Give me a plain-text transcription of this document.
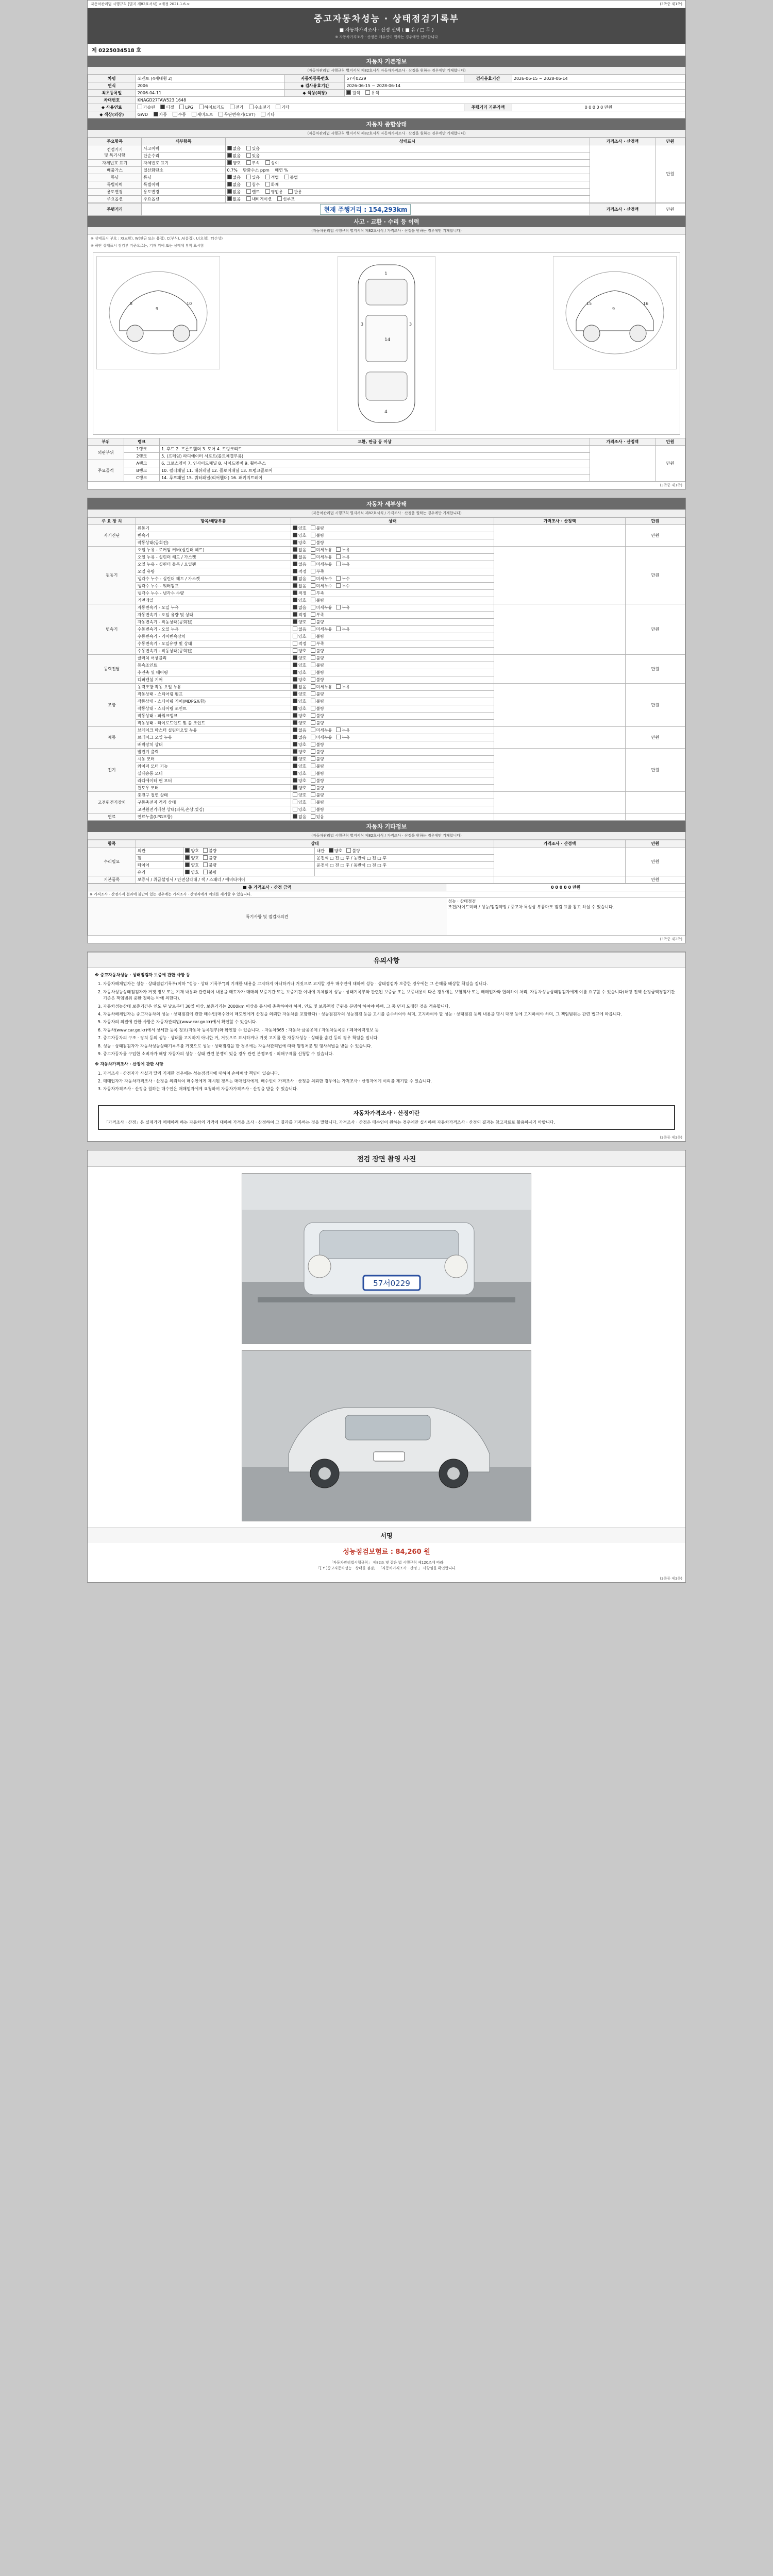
자동차관리법 시행규칙 [별지 제82호서식] <개정 2021.1.6.>	(3쪽중 제1쪽)
중고자동차성능 · 상태점검기록부
■ 자동차가격조사 · 산정 선택 ( ■ 유 / □ 무 )
※ 자동차가격조사 · 산정은 매수인이 원하는 경우에만 선택합니다
제 0225034518 호
자동차 기본정보
(자동차관리법 시행규칙 별지서식 제82호서식 자동차가격조사 · 산정을 원하는 경우에만 기재합니다)
차명	쏘렌토 (4세대형 2)	자동차등록번호	57서0229	검사유효기간	2026-06-15 ~ 2028-06-14
연식	2006	◆ 검사유효기간	2026-06-15 ~ 2028-06-14		
최초등록일	2006-04-11	◆ 색상(외장)	원색 유색		
차대번호	KNAGD27TAW523 1648				
◆ 사용연료	가솔린 디젤 LPG 하이브리드 전기 수소전기 기타			주행거리 기준가액	0 0 0 0 0 만원
◆ 색상(외장)	GWD 자동 수동 세미오토 무단변속기(CVT) 기타				
자동차 종합상태
(자동차관리법 시행규칙 별지서식 제82호서식 자동차가격조사 · 산정을 원하는 경우에만 기재합니다)
주요항목	세부항목	상태표시	가격조사 · 산정액	만원
전점기기
및 특기사항	사고이력	없음 있음		만원
	단순수리	없음 있음		
자체번호 표기	자체번호 표기	양호 부식 상이		
배출가스	일산화탄소	0.7% 탄화수소 ppm 매연 %		
튜닝	튜닝	없음 있음 적법 불법		
특별이력	특별이력	없음 침수 화재		
용도변경	용도변경	없음 렌트 영업용 관용		
주요옵션	주요옵션	없음 내비게이션 선루프		
주행거리	현재 주행거리 : 154,293km	가격조사 · 산정액	만원
사고 · 교환 · 수리 등 이력
(자동차관리법 시행규칙 별지서식 제82호서식 / 가격조사 · 산정을 원하는 경우에만 기재합니다)
※ 상태표시 부호 : X(교환), W(판금 또는 용접), C(부식), A(흠집), U(요철), T(손상)
※ 하단 상태표시 점검부 기준으로는, 기재 위에 또는 상태에 부착 표시함
9
8	10
1
14
4
3	3
9
15	16
부위	랭크	교환, 판금 등 이상	가격조사 · 산정액	만원
외판부위	1랭크	1. 후드 2. 프론트휀더 3. 도어 4. 트렁크리드		만원
	2랭크	5. (프레임) 라디에이터 서포트(볼트체결부품)		
주요골격	A랭크	6. 크로스멤버 7. 인사이드패널 8. 사이드멤버 9. 휠하우스		
	B랭크	10. 필러패널 11. 대쉬패널 12. 플로어패널 13. 트렁크플로어		
	C랭크	14. 루프패널 15. 쿼터패널(리어휀더) 16. 패키지트레이		
(3쪽중 제1쪽)
자동차 세부상태
(자동차관리법 시행규칙 별지서식 제82호서식 / 가격조사 · 산정을 원하는 경우에만 기재합니다)
주 요 장 치	항목/해당부품	상태	가격조사 · 산정액	만원
자기진단	원동기	양호 불량		만원
	변속기	양호 불량		
	작동상태(공회전)	양호 불량		
원동기	오일 누유 - 로커암 커버(실린더 헤드)	없음 미세누유 누유		만원
	오일 누유 - 실린더 헤드 / 가스켓	없음 미세누유 누유		
	오일 누유 - 실린더 블록 / 오일팬	없음 미세누유 누유		
	오일 유량	적정 부족		
	냉각수 누수 - 실린더 헤드 / 가스켓	없음 미세누수 누수		
	냉각수 누수 - 워터펌프	없음 미세누수 누수		
	냉각수 누수 - 냉각수 수량	적정 부족		
	커먼레일	양호 불량		
변속기	자동변속기 - 오일 누유	없음 미세누유 누유		만원
	자동변속기 - 오일 유량 및 상태	적정 부족		
	자동변속기 - 작동상태(공회전)	양호 불량		
	수동변속기 - 오일 누유	없음 미세누유 누유		
	수동변속기 - 기어변속장치	양호 불량		
	수동변속기 - 오일유량 및 상태	적정 부족		
	수동변속기 - 작동상태(공회전)	양호 불량		
동력전달	클러치 어셈블리	양호 불량		만원
	등속조인트	양호 불량		
	추진축 및 베어링	양호 불량		
	디퍼렌셜 기어	양호 불량		
조향	동력조향 작동 오일 누유	없음 미세누유 누유		만원
	작동상태 - 스티어링 펌프	양호 불량		
	작동상태 - 스티어링 기어(MDPS포함)	양호 불량		
	작동상태 - 스티어링 조인트	양호 불량		
	작동상태 - 파워크랭크	양호 불량		
	작동상태 - 타이로드엔드 및 볼 조인트	양호 불량		
제동	브레이크 마스터 실린더오일 누유	없음 미세누유 누유		만원
	브레이크 오일 누유	없음 미세누유 누유		
	배력장치 상태	양호 불량		
전기	발전기 출력	양호 불량		만원
	시동 모터	양호 불량		
	와이퍼 모터 기능	양호 불량		
	실내송풍 모터	양호 불량		
	라디에이터 팬 모터	양호 불량		
	윈도우 모터	양호 불량		
고전원전기장치	충전구 절연 상태	양호 불량		
	구동축전지 격리 상태	양호 불량		
	고전원전기배선 상태(피복,손상,찢김)	양호 불량		
연료	연료누출(LPG포함)	없음 있음		
자동차 기타정보
(자동차관리법 시행규칙 별지서식 제82호서식 / 가격조사 · 산정을 원하는 경우에만 기재합니다)
항목	상태			가격조사 · 산정액	만원
수리필요	외관	양호 불량	내관 양호 불량		만원
	휠	양호 불량	운전석 □ 전 □ 후 / 동반석 □ 전 □ 후		
	타이어	양호 불량	운전석 □ 전 □ 후 / 동반석 □ 전 □ 후		
	유리	양호 불량			
기본품목	보증서 / 취급설명서 / 안전삼각대 / 잭 / 스패너 / 예비타이어				만원
■ 총 가격조사 · 산정 금액	0 0 0 0 0 만원
※ 가격조사 · 산정가격 결과에 불만이 있는 경우에는 가격조사 · 산정자에게 이의를 제기할 수 있습니다.	
특기사항 및 점검자의견	성능 · 상태점검
조건/사이드미러 / 성능/점검약정 / 중고차 특성상 부품마모 점검 표를 참고 하실 수 있습니다.
(3쪽중 제2쪽)
유의사항

※ 중고자동차성능 · 상태점검자 보증에 관한 사항 등

1. 자동차해체업자는 성능 · 상태점검기록부(이하 "성능 · 상태 기록부")의 기재한 내용을 고지하지 아니하거나 거짓으로 고지할 경우 매수인에 대하여 성능 · 상태점검자 보증한 경우에는 그 손해를 배상할 책임을 집니다.
2. 자동차성능상태점검자가 거짓 정보 또는 기재 내용과 관련하여 내용을 매도자가 매매의 보증기간 또는 보증기간 이내에 지체없이 성능 · 상태기록부와 관련된 보증금 또는 보증내용이 다른 경우에는 보험회사 또는 매매업자와 협의하여 처리, 자동차성능상태점검자에게 이를 요구할 수 있습니다(해당 전액 산정금액경감기간 기준은 책임범위 중환 정하는 바에 의한다).
3. 자동차성능상태 보증기간은 인도 된 날로부터 30일 이상, 보증거리는 2000km 이상을 동시에 충족하여야 하며, 인도 및 보증책임 근원을 분명히 하여야 하며, 그 중 먼저 도래한 것을 적용합니다.
4. 자동차해체업자는 중고자동차의 성능 · 상태점검에 관한 매수인(매수인이 매도인에게 산정을 의뢰한 자동차를 포함한다) · 성능점검자의 성능점검 등을 고시를 준수하여야 하며, 고지하여야 할 성능 · 상태점검 등의 내용을 명시 대장 등에 고지하여야 하며, 그 책임범위는 관련 법규에 따릅니다.
5. 자동차의 의결에 관한 사항은 자동차관리법(www.car.go.kr)에서 확인할 수 있습니다.
6. 자동차(www.car.go.kr)에서 상세한 등록 정보(자동차 등록원부)와 확인할 수 있습니다. - 자동차365 : 자동차 금융공제 / 자동차등록증 / 폐차이력정보 등
7. 중고자동차의 구조 · 장치 등의 성능 · 상태를 고지하지 아니한 거, 거짓으로 표시하거나 거짓 고지를 한 자동차성능 · 상태를 숨긴 등의 경우 책임을 집니다.
8. 성능 · 상태점검자가 자동차성능상태기록부를 거짓으로 성능 · 상태점검을 한 경우에는 자동차관리법에 따라 행정처분 및 형사처벌을 받을 수 있습니다.
9. 중고자동차를 구입한 소비자가 해당 자동차의 성능 · 상태 관련 분쟁이 있을 경우 관련 분쟁조정 · 피해구제를 신청할 수 있습니다.

※ 자동차가격조사 · 산정에 관한 사항

1. 가격조사 · 산정자가 사실과 달리 기재한 경우에는 성능점검자에 대하여 손해배상 책임이 있습니다.
2. 매매업자가 자동차가격조사 · 산정을 의뢰하여 매수인에게 제시된 경우는 매매업자에게, 매수인이 가격조사 · 산정을 의뢰한 경우에는 가격조사 · 산정자에게 이의를 제기할 수 있습니다.
3. 자동차가격조사 · 산정을 원하는 매수인은 매매업자에게 요청하여 자동차가격조사 · 산정을 받을 수 있습니다.
자동차가격조사 · 산정이란
「가격조사 · 산정」은 실제가가 매매하려 하는 자동차의 가격에 대하여 가격을 조사 · 산정하여 그 결과를 기록하는 것을 말합니다. 가격조사 · 산정은 매수인이 원하는 경우에만 실시하며 자동차가격조사 · 산정의 결과는 참고자료로 활용하시기 바랍니다.
(3쪽중 제3쪽)
점검 장면 촬영 사진
57서0229
서명
성능점검보험료 : 84,260 원
「자동차관리법시행규칙」 제82조 및 같은 법 시행규칙 제120조에 따라
「[ Y ]중고자동차성능 · 상태를 점검」 「자동차가격조사 · 산정 」 사항임을 확인합니다.
(3쪽중 제3쪽)
